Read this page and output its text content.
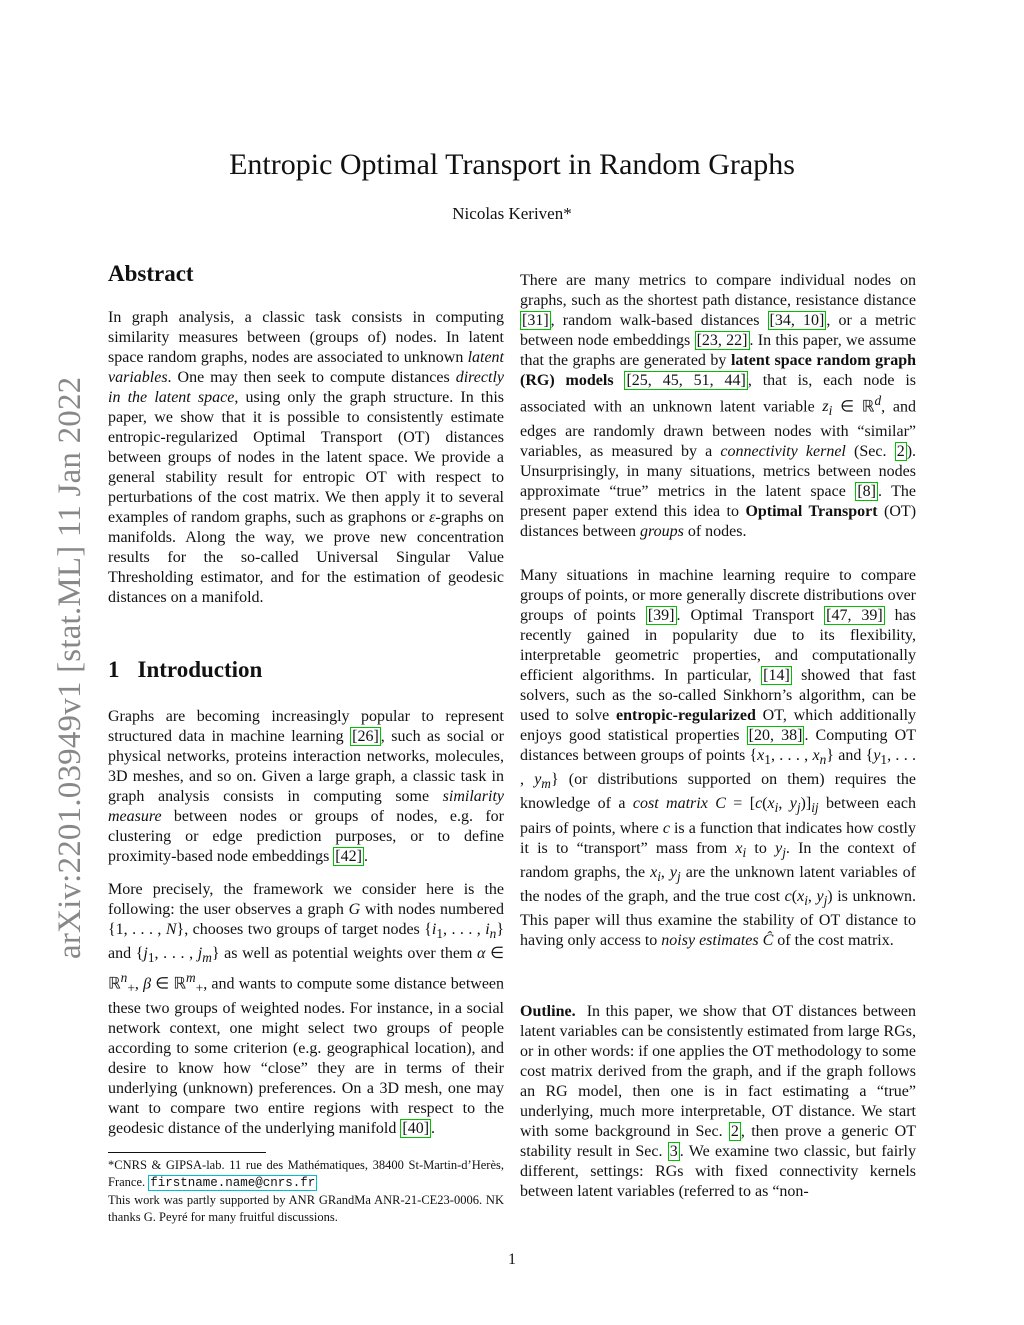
arXiv:2201.03949v1 [stat.ML] 11 Jan 2022
Entropic Optimal Transport in Random Graphs
Nicolas Keriven*
Abstract

In graph analysis, a classic task consists in computing similarity measures between (groups of) nodes. In latent space random graphs, nodes are associated to unknown latent variables. One may then seek to compute distances directly in the latent space, using only the graph structure. In this paper, we show that it is possible to consistently estimate entropic-regularized Optimal Transport (OT) distances between groups of nodes in the latent space. We provide a general stability result for entropic OT with respect to perturbations of the cost matrix. We then apply it to several examples of random graphs, such as graphons or ε-graphs on manifolds. Along the way, we prove new concentration results for the so-called Universal Singular Value Thresholding estimator, and for the estimation of geodesic distances on a manifold.

1 Introduction

Graphs are becoming increasingly popular to represent structured data in machine learning [26] , such as social or physical networks, proteins interaction networks, molecules, 3D meshes, and so on. Given a large graph, a classic task in graph analysis consists in computing some similarity measure between nodes or groups of nodes, e.g. for clustering or edge prediction purposes, or to define proximity-based node embeddings [42] .

More precisely, the framework we consider here is the following: the user observes a graph G with nodes numbered {1, . . . , N}, chooses two groups of target nodes {$i_1$, . . . , $i_n$} and {$j_1$, . . . , $j_m$} as well as potential weights over them α ∈ ℝ$^n_+$, β ∈ ℝ$^m_+$, and wants to compute some distance between these two groups of weighted nodes. For instance, in a social network context, one might select two groups of people according to some criterion (e.g. geographical location), and desire to know how “close” they are in terms of their underlying (unknown) preferences. On a 3D mesh, one may want to compare two entire regions with respect to the geodesic distance of the underlying manifold [40] .

*CNRS & GIPSA-lab. 11 rue des Mathématiques, 38400 St-Martin-d’Herès, France. firstname.name@cnrs.fr
This work was partly supported by ANR GRandMa ANR-21-CE23-0006. NK thanks G. Peyré for many fruitful discussions.

There are many metrics to compare individual nodes on graphs, such as the shortest path distance, resistance distance [31] , random walk-based distances [34, 10] , or a metric between node embeddings [23, 22] . In this paper, we assume that the graphs are generated by latent space random graph (RG) models [25, 45, 51, 44] , that is, each node is associated with an unknown latent variable $z_i$ ∈ ℝ$^d$, and edges are randomly drawn between nodes with “similar” variables, as measured by a connectivity kernel (Sec. 2 ). Unsurprisingly, in many situations, metrics between nodes approximate “true” metrics in the latent space [8] . The present paper extend this idea to Optimal Transport (OT) distances between groups of nodes.

Many situations in machine learning require to compare groups of points, or more generally discrete distributions over groups of points [39] . Optimal Transport [47, 39] has recently gained in popularity due to its flexibility, interpretable geometric properties, and computationally efficient algorithms. In particular, [14] showed that fast solvers, such as the so-called Sinkhorn’s algorithm, can be used to solve entropic-regularized OT, which additionally enjoys good statistical properties [20, 38] . Computing OT distances between groups of points {$x_1$, . . . , $x_n$} and {$y_1$, . . . , $y_m$} (or distributions supported on them) requires the knowledge of a cost matrix $C = [c(x_i$, $y_j)]_{ij}$ between each pairs of points, where c is a function that indicates how costly it is to “transport” mass from $x_i$ to $y_j$. In the context of random graphs, the $x_i$, $y_j$ are the unknown latent variables of the nodes of the graph, and the true cost $c(x_i$, $y_j$) is unknown. This paper will thus examine the stability of OT distance to having only access to noisy estimates Ĉ of the cost matrix.

Outline.  In this paper, we show that OT distances between latent variables can be consistently estimated from large RGs, or in other words: if one applies the OT methodology to some cost matrix derived from the graph, and if the graph follows an RG model, then one is in fact estimating a “true” underlying, much more interpretable, OT distance. We start with some background in Sec. 2 , then prove a generic OT stability result in Sec. 3 . We examine two classic, but fairly different, settings: RGs with fixed connectivity kernels between latent variables (referred to as “non-

1
